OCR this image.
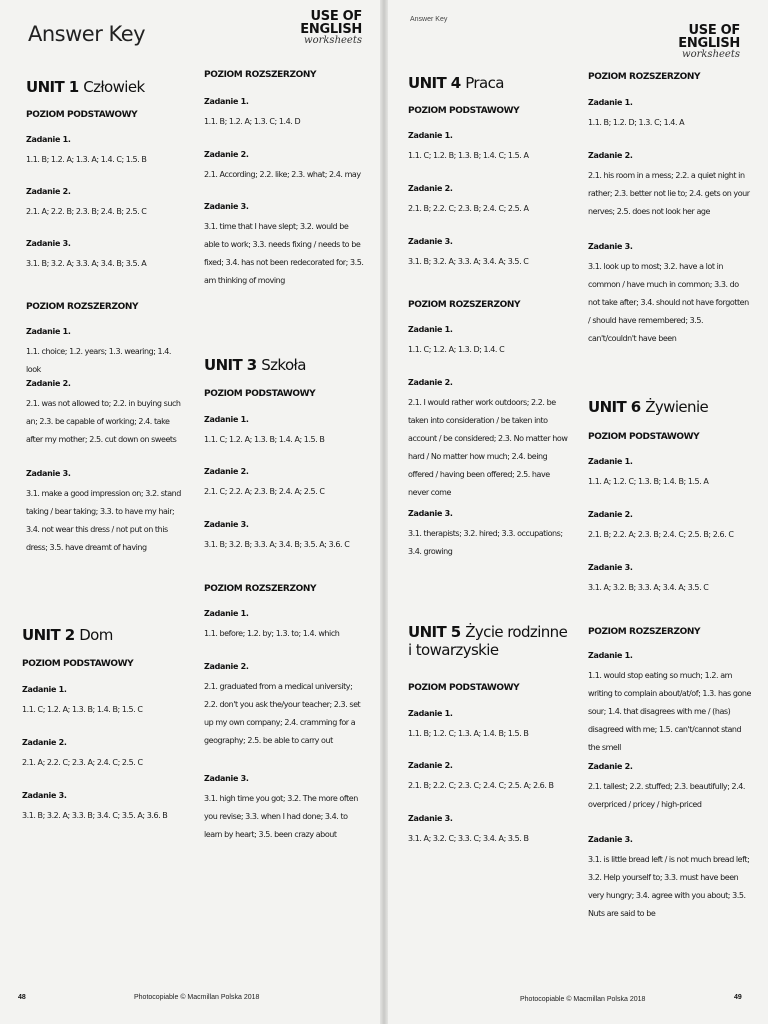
Answer Key
USE OF ENGLISH
worksheets
UNIT 1 Człowiek
POZIOM PODSTAWOWY
Zadanie 1.
1.1. B; 1.2. A; 1.3. A; 1.4. C; 1.5. B
Zadanie 2.
2.1. A; 2.2. B; 2.3. B; 2.4. B; 2.5. C
Zadanie 3.
3.1. B; 3.2. A; 3.3. A; 3.4. B; 3.5. A
POZIOM ROZSZERZONY
Zadanie 1.
1.1. choice; 1.2. years; 1.3. wearing; 1.4. look
Zadanie 2.
2.1. was not allowed to; 2.2. in buying such an; 2.3. be capable of working; 2.4. take after my mother; 2.5. cut down on sweets
Zadanie 3.
3.1. make a good impression on; 3.2. stand taking / bear taking; 3.3. to have my hair; 3.4. not wear this dress / not put on this dress; 3.5. have dreamt of having
UNIT 2 Dom
POZIOM PODSTAWOWY
Zadanie 1.
1.1. C; 1.2. A; 1.3. B; 1.4. B; 1.5. C
Zadanie 2.
2.1. A; 2.2. C; 2.3. A; 2.4. C; 2.5. C
Zadanie 3.
3.1. B; 3.2. A; 3.3. B; 3.4. C; 3.5. A; 3.6. B
POZIOM ROZSZERZONY
Zadanie 1.
1.1. B; 1.2. A; 1.3. C; 1.4. D
Zadanie 2.
2.1. According; 2.2. like; 2.3. what; 2.4. may
Zadanie 3.
3.1. time that I have slept; 3.2. would be able to work; 3.3. needs fixing / needs to be fixed; 3.4. has not been redecorated for; 3.5. am thinking of moving
UNIT 3 Szkoła
POZIOM PODSTAWOWY
Zadanie 1.
1.1. C; 1.2. A; 1.3. B; 1.4. A; 1.5. B
Zadanie 2.
2.1. C; 2.2. A; 2.3. B; 2.4. A; 2.5. C
Zadanie 3.
3.1. B; 3.2. B; 3.3. A; 3.4. B; 3.5. A; 3.6. C
POZIOM ROZSZERZONY
Zadanie 1.
1.1. before; 1.2. by; 1.3. to; 1.4. which
Zadanie 2.
2.1. graduated from a medical university; 2.2. don't you ask the/your teacher; 2.3. set up my own company; 2.4. cramming for a geography; 2.5. be able to carry out
Zadanie 3.
3.1. high time you got; 3.2. The more often you revise; 3.3. when I had done; 3.4. to learn by heart; 3.5. been crazy about
48	Photocopiable © Macmillan Polska 2018
Answer Key
USE OF ENGLISH
worksheets
UNIT 4 Praca
POZIOM PODSTAWOWY
Zadanie 1.
1.1. C; 1.2. B; 1.3. B; 1.4. C; 1.5. A
Zadanie 2.
2.1. B; 2.2. C; 2.3. B; 2.4. C; 2.5. A
Zadanie 3.
3.1. B; 3.2. A; 3.3. A; 3.4. A; 3.5. C
POZIOM ROZSZERZONY
Zadanie 1.
1.1. C; 1.2. A; 1.3. D; 1.4. C
Zadanie 2.
2.1. I would rather work outdoors; 2.2. be taken into consideration / be taken into account / be considered; 2.3. No matter how hard / No matter how much; 2.4. being offered / having been offered; 2.5. have never come
Zadanie 3.
3.1. therapists; 3.2. hired; 3.3. occupations; 3.4. growing
UNIT 5 Życie rodzinne i towarzyskie
POZIOM PODSTAWOWY
Zadanie 1.
1.1. B; 1.2. C; 1.3. A; 1.4. B; 1.5. B
Zadanie 2.
2.1. B; 2.2. C; 2.3. C; 2.4. C; 2.5. A; 2.6. B
Zadanie 3.
3.1. A; 3.2. C; 3.3. C; 3.4. A; 3.5. B
POZIOM ROZSZERZONY
Zadanie 1.
1.1. B; 1.2. D; 1.3. C; 1.4. A
Zadanie 2.
2.1. his room in a mess; 2.2. a quiet night in rather; 2.3. better not lie to; 2.4. gets on your nerves; 2.5. does not look her age
Zadanie 3.
3.1. look up to most; 3.2. have a lot in common / have much in common; 3.3. do not take after; 3.4. should not have forgotten / should have remembered; 3.5. can't/couldn't have been
UNIT 6 Żywienie
POZIOM PODSTAWOWY
Zadanie 1.
1.1. A; 1.2. C; 1.3. B; 1.4. B; 1.5. A
Zadanie 2.
2.1. B; 2.2. A; 2.3. B; 2.4. C; 2.5. B; 2.6. C
Zadanie 3.
3.1. A; 3.2. B; 3.3. A; 3.4. A; 3.5. C
POZIOM ROZSZERZONY
Zadanie 1.
1.1. would stop eating so much; 1.2. am writing to complain about/at/of; 1.3. has gone sour; 1.4. that disagrees with me / (has) disagreed with me; 1.5. can't/cannot stand the smell
Zadanie 2.
2.1. tallest; 2.2. stuffed; 2.3. beautifully; 2.4. overpriced / pricey / high-priced
Zadanie 3.
3.1. is little bread left / is not much bread left; 3.2. Help yourself to; 3.3. must have been very hungry; 3.4. agree with you about; 3.5. Nuts are said to be
Photocopiable © Macmillan Polska 2018	49
